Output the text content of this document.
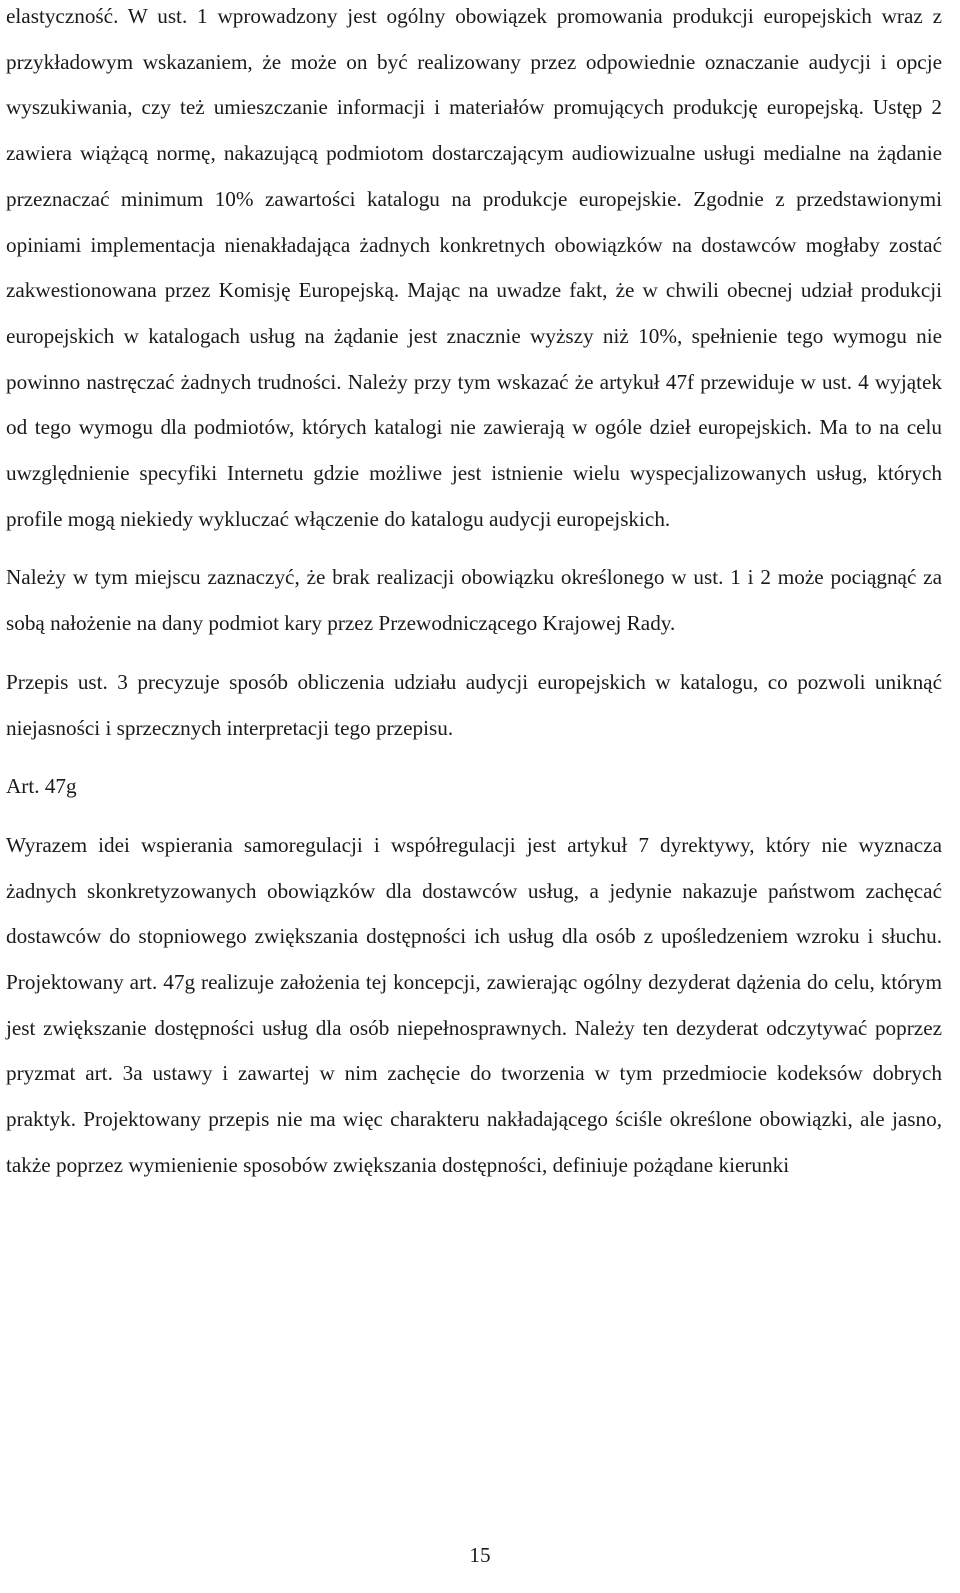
elastyczność. W ust. 1 wprowadzony jest ogólny obowiązek promowania produkcji europejskich wraz z przykładowym wskazaniem, że może on być realizowany przez odpowiednie oznaczanie audycji i opcje wyszukiwania, czy też umieszczanie informacji i materiałów promujących produkcję europejską. Ustęp 2 zawiera wiążącą normę, nakazującą podmiotom dostarczającym audiowizualne usługi medialne na żądanie przeznaczać minimum 10% zawartości katalogu na produkcje europejskie. Zgodnie z przedstawionymi opiniami implementacja nienakładająca żadnych konkretnych obowiązków na dostawców mogłaby zostać zakwestionowana przez Komisję Europejską. Mając na uwadze fakt, że w chwili obecnej udział produkcji europejskich w katalogach usług na żądanie jest znacznie wyższy niż 10%, spełnienie tego wymogu nie powinno nastręczać żadnych trudności. Należy przy tym wskazać że artykuł 47f przewiduje w ust. 4 wyjątek od tego wymogu dla podmiotów, których katalogi nie zawierają w ogóle dzieł europejskich. Ma to na celu uwzględnienie specyfiki Internetu gdzie możliwe jest istnienie wielu wyspecjalizowanych usług, których profile mogą niekiedy wykluczać włączenie do katalogu audycji europejskich.

Należy w tym miejscu zaznaczyć, że brak realizacji obowiązku określonego w ust. 1 i 2 może pociągnąć za sobą nałożenie na dany podmiot kary przez Przewodniczącego Krajowej Rady.

Przepis ust. 3 precyzuje sposób obliczenia udziału audycji europejskich w katalogu, co pozwoli uniknąć niejasności i sprzecznych interpretacji tego przepisu.

Art. 47g

Wyrazem idei wspierania samoregulacji i współregulacji jest artykuł 7 dyrektywy, który nie wyznacza żadnych skonkretyzowanych obowiązków dla dostawców usług, a jedynie nakazuje państwom zachęcać dostawców do stopniowego zwiększania dostępności ich usług dla osób z upośledzeniem wzroku i słuchu. Projektowany art. 47g realizuje założenia tej koncepcji, zawierając ogólny dezyderat dążenia do celu, którym jest zwiększanie dostępności usług dla osób niepełnosprawnych. Należy ten dezyderat odczytywać poprzez pryzmat art. 3a ustawy i zawartej w nim zachęcie do tworzenia w tym przedmiocie kodeksów dobrych praktyk. Projektowany przepis nie ma więc charakteru nakładającego ściśle określone obowiązki, ale jasno, także poprzez wymienienie sposobów zwiększania dostępności, definiuje pożądane kierunki

15
